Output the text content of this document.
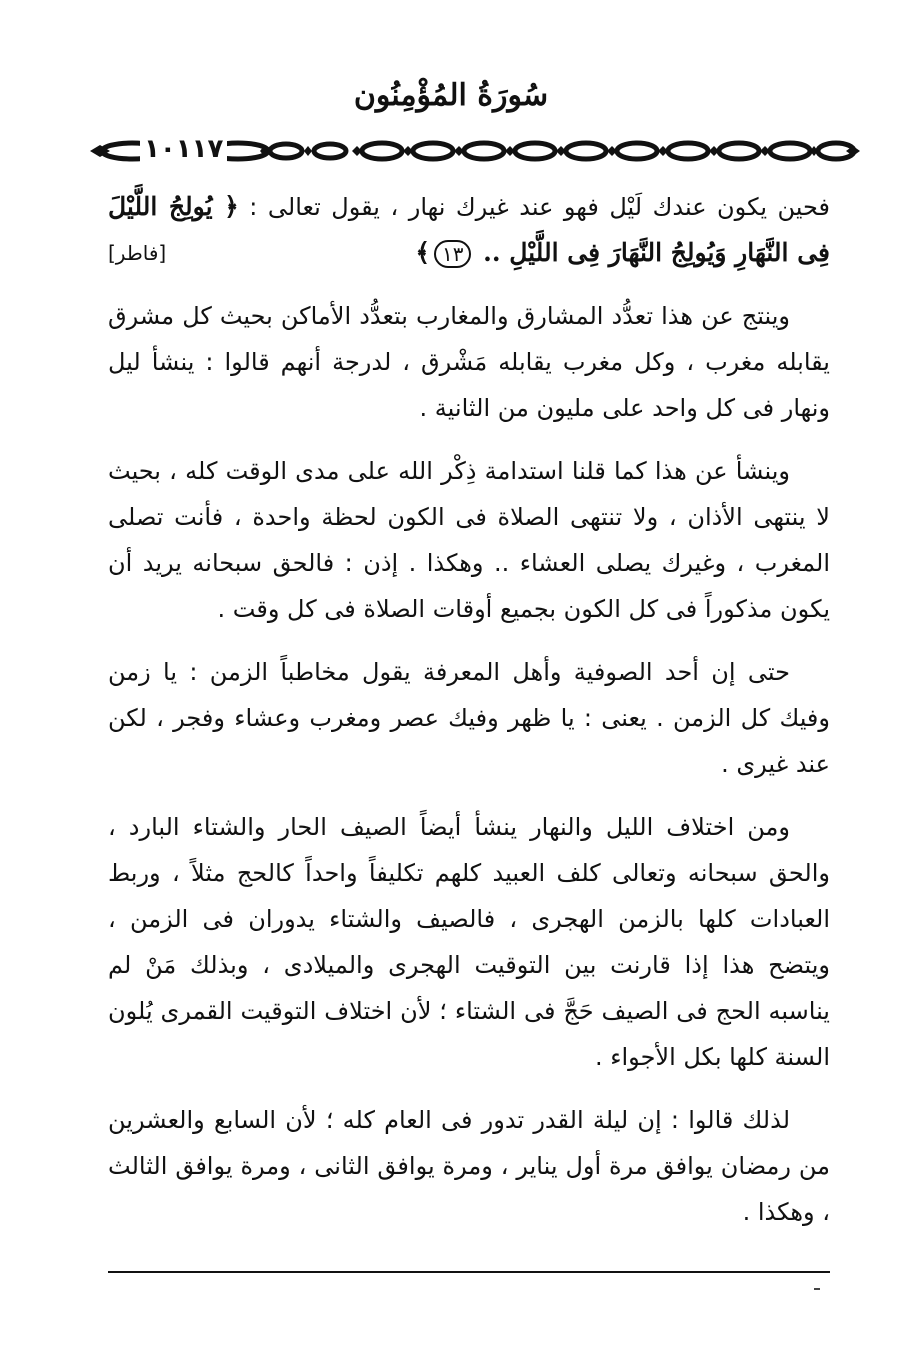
سُورَةُ المُؤْمِنُون
١٠١١٧

فحين يكون عندك لَيْل فهو عند غيرك نهار ، يقول تعالى : ﴿ يُولِجُ اللَّيْلَ فِى النَّهَارِ وَيُولِجُ النَّهَارَ فِى اللَّيْلِ .. ١٣﴾
[فاطر]

وينتج عن هذا تعدُّد المشارق والمغارب بتعدُّد الأماكن بحيث كل مشرق يقابله مغرب ، وكل مغرب يقابله مَشْرق ، لدرجة أنهم قالوا : ينشأ ليل ونهار فى كل واحد على مليون من الثانية .

وينشأ عن هذا كما قلنا استدامة ذِكْر الله على مدى الوقت كله ، بحيث لا ينتهى الأذان ، ولا تنتهى الصلاة فى الكون لحظة واحدة ، فأنت تصلى المغرب ، وغيرك يصلى العشاء .. وهكذا . إذن : فالحق سبحانه يريد أن يكون مذكوراً فى كل الكون بجميع أوقات الصلاة فى كل وقت .

حتى إن أحد الصوفية وأهل المعرفة يقول مخاطباً الزمن : يا زمن وفيك كل الزمن . يعنى : يا ظهر وفيك عصر ومغرب وعشاء وفجر ، لكن عند غيرى .

ومن اختلاف الليل والنهار ينشأ أيضاً الصيف الحار والشتاء البارد ، والحق سبحانه وتعالى كلف العبيد كلهم تكليفاً واحداً كالحج مثلاً ، وربط العبادات كلها بالزمن الهجرى ، فالصيف والشتاء يدوران فى الزمن ، ويتضح هذا إذا قارنت بين التوقيت الهجرى والميلادى ، وبذلك مَنْ لم يناسبه الحج فى الصيف حَجَّ فى الشتاء ؛ لأن اختلاف التوقيت القمرى يُلون السنة كلها بكل الأجواء .

لذلك قالوا : إن ليلة القدر تدور فى العام كله ؛ لأن السابع والعشرين من رمضان يوافق مرة أول يناير ، ومرة يوافق الثانى ، ومرة يوافق الثالث ، وهكذا .
